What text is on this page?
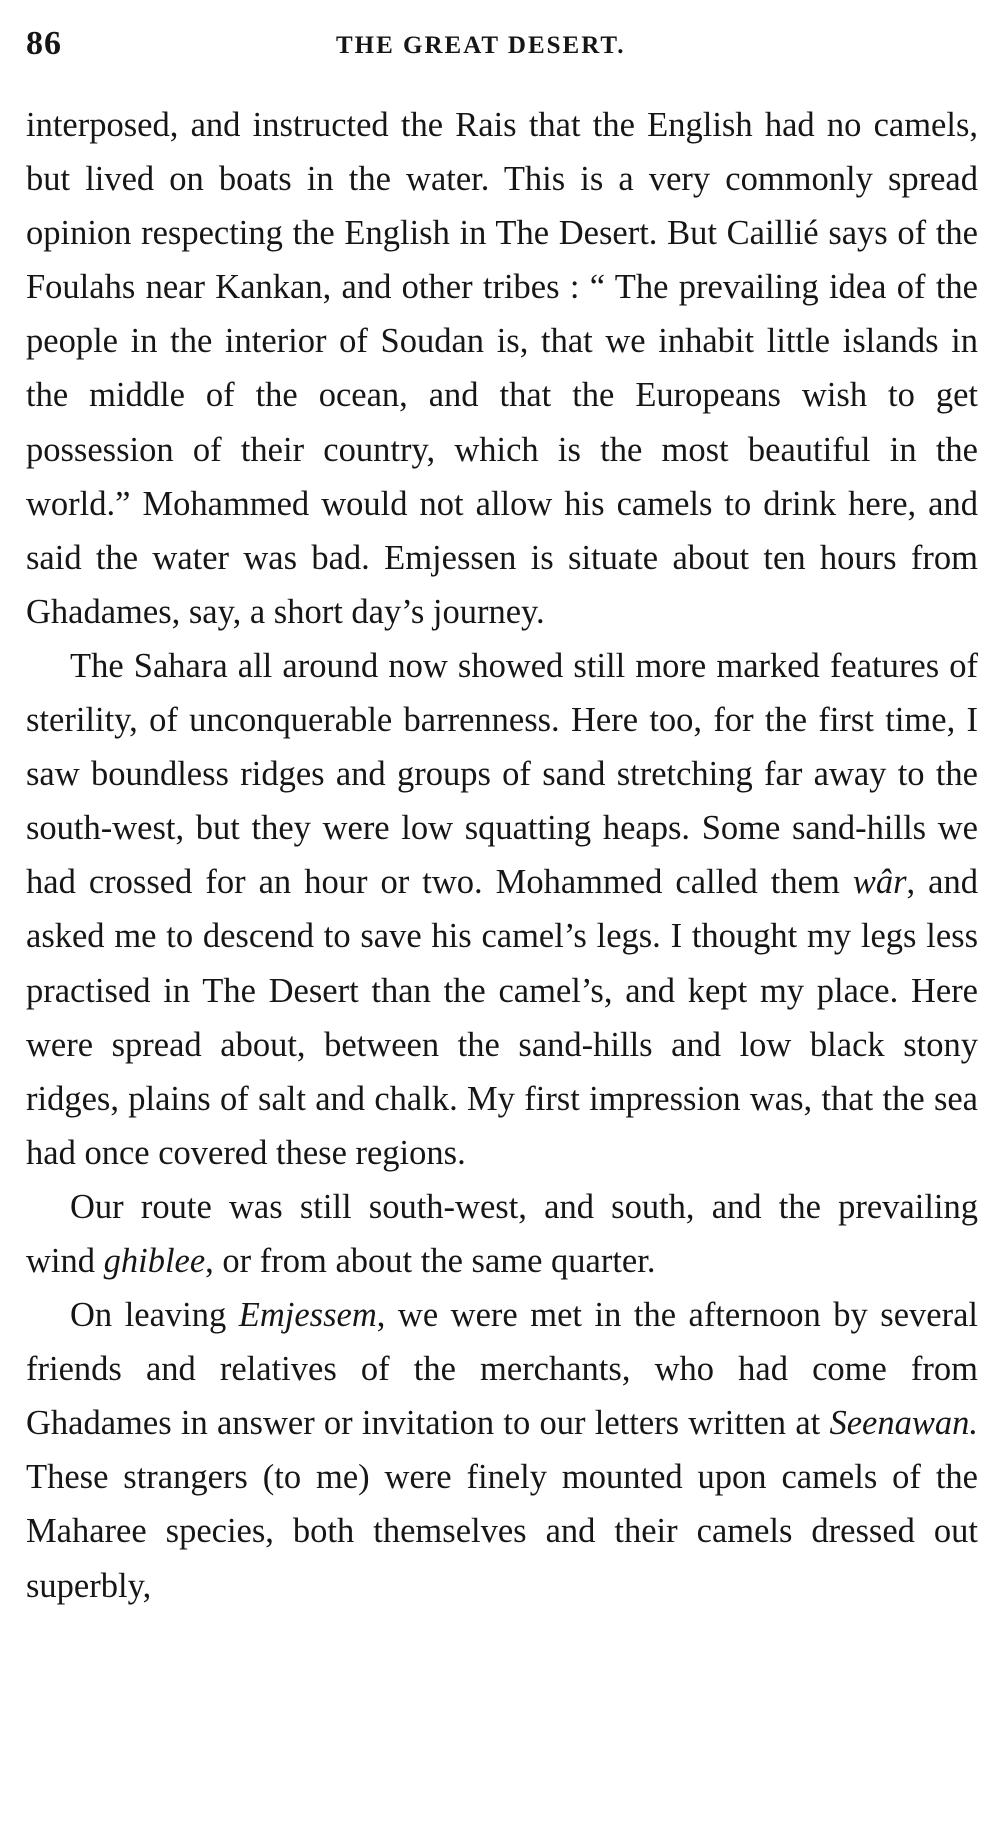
86	THE GREAT DESERT.

interposed, and instructed the Rais that the English had no camels, but lived on boats in the water. This is a very commonly spread opinion respecting the English in The Desert. But Caillié says of the Foulahs near Kankan, and other tribes : “ The prevailing idea of the people in the interior of Soudan is, that we inhabit little islands in the middle of the ocean, and that the Europeans wish to get possession of their country, which is the most beautiful in the world.” Mohammed would not allow his camels to drink here, and said the water was bad. Emjessen is situate about ten hours from Ghadames, say, a short day’s journey.

The Sahara all around now showed still more marked features of sterility, of unconquerable barrenness. Here too, for the first time, I saw boundless ridges and groups of sand stretching far away to the south-west, but they were low squatting heaps. Some sand-hills we had crossed for an hour or two. Mohammed called them wâr, and asked me to descend to save his camel’s legs. I thought my legs less practised in The Desert than the camel’s, and kept my place. Here were spread about, between the sand-hills and low black stony ridges, plains of salt and chalk. My first impression was, that the sea had once covered these regions.

Our route was still south-west, and south, and the prevailing wind ghiblee, or from about the same quarter.

On leaving Emjessem, we were met in the afternoon by several friends and relatives of the merchants, who had come from Ghadames in answer or invitation to our letters written at Seenawan. These strangers (to me) were finely mounted upon camels of the Maharee species, both themselves and their camels dressed out superbly,
